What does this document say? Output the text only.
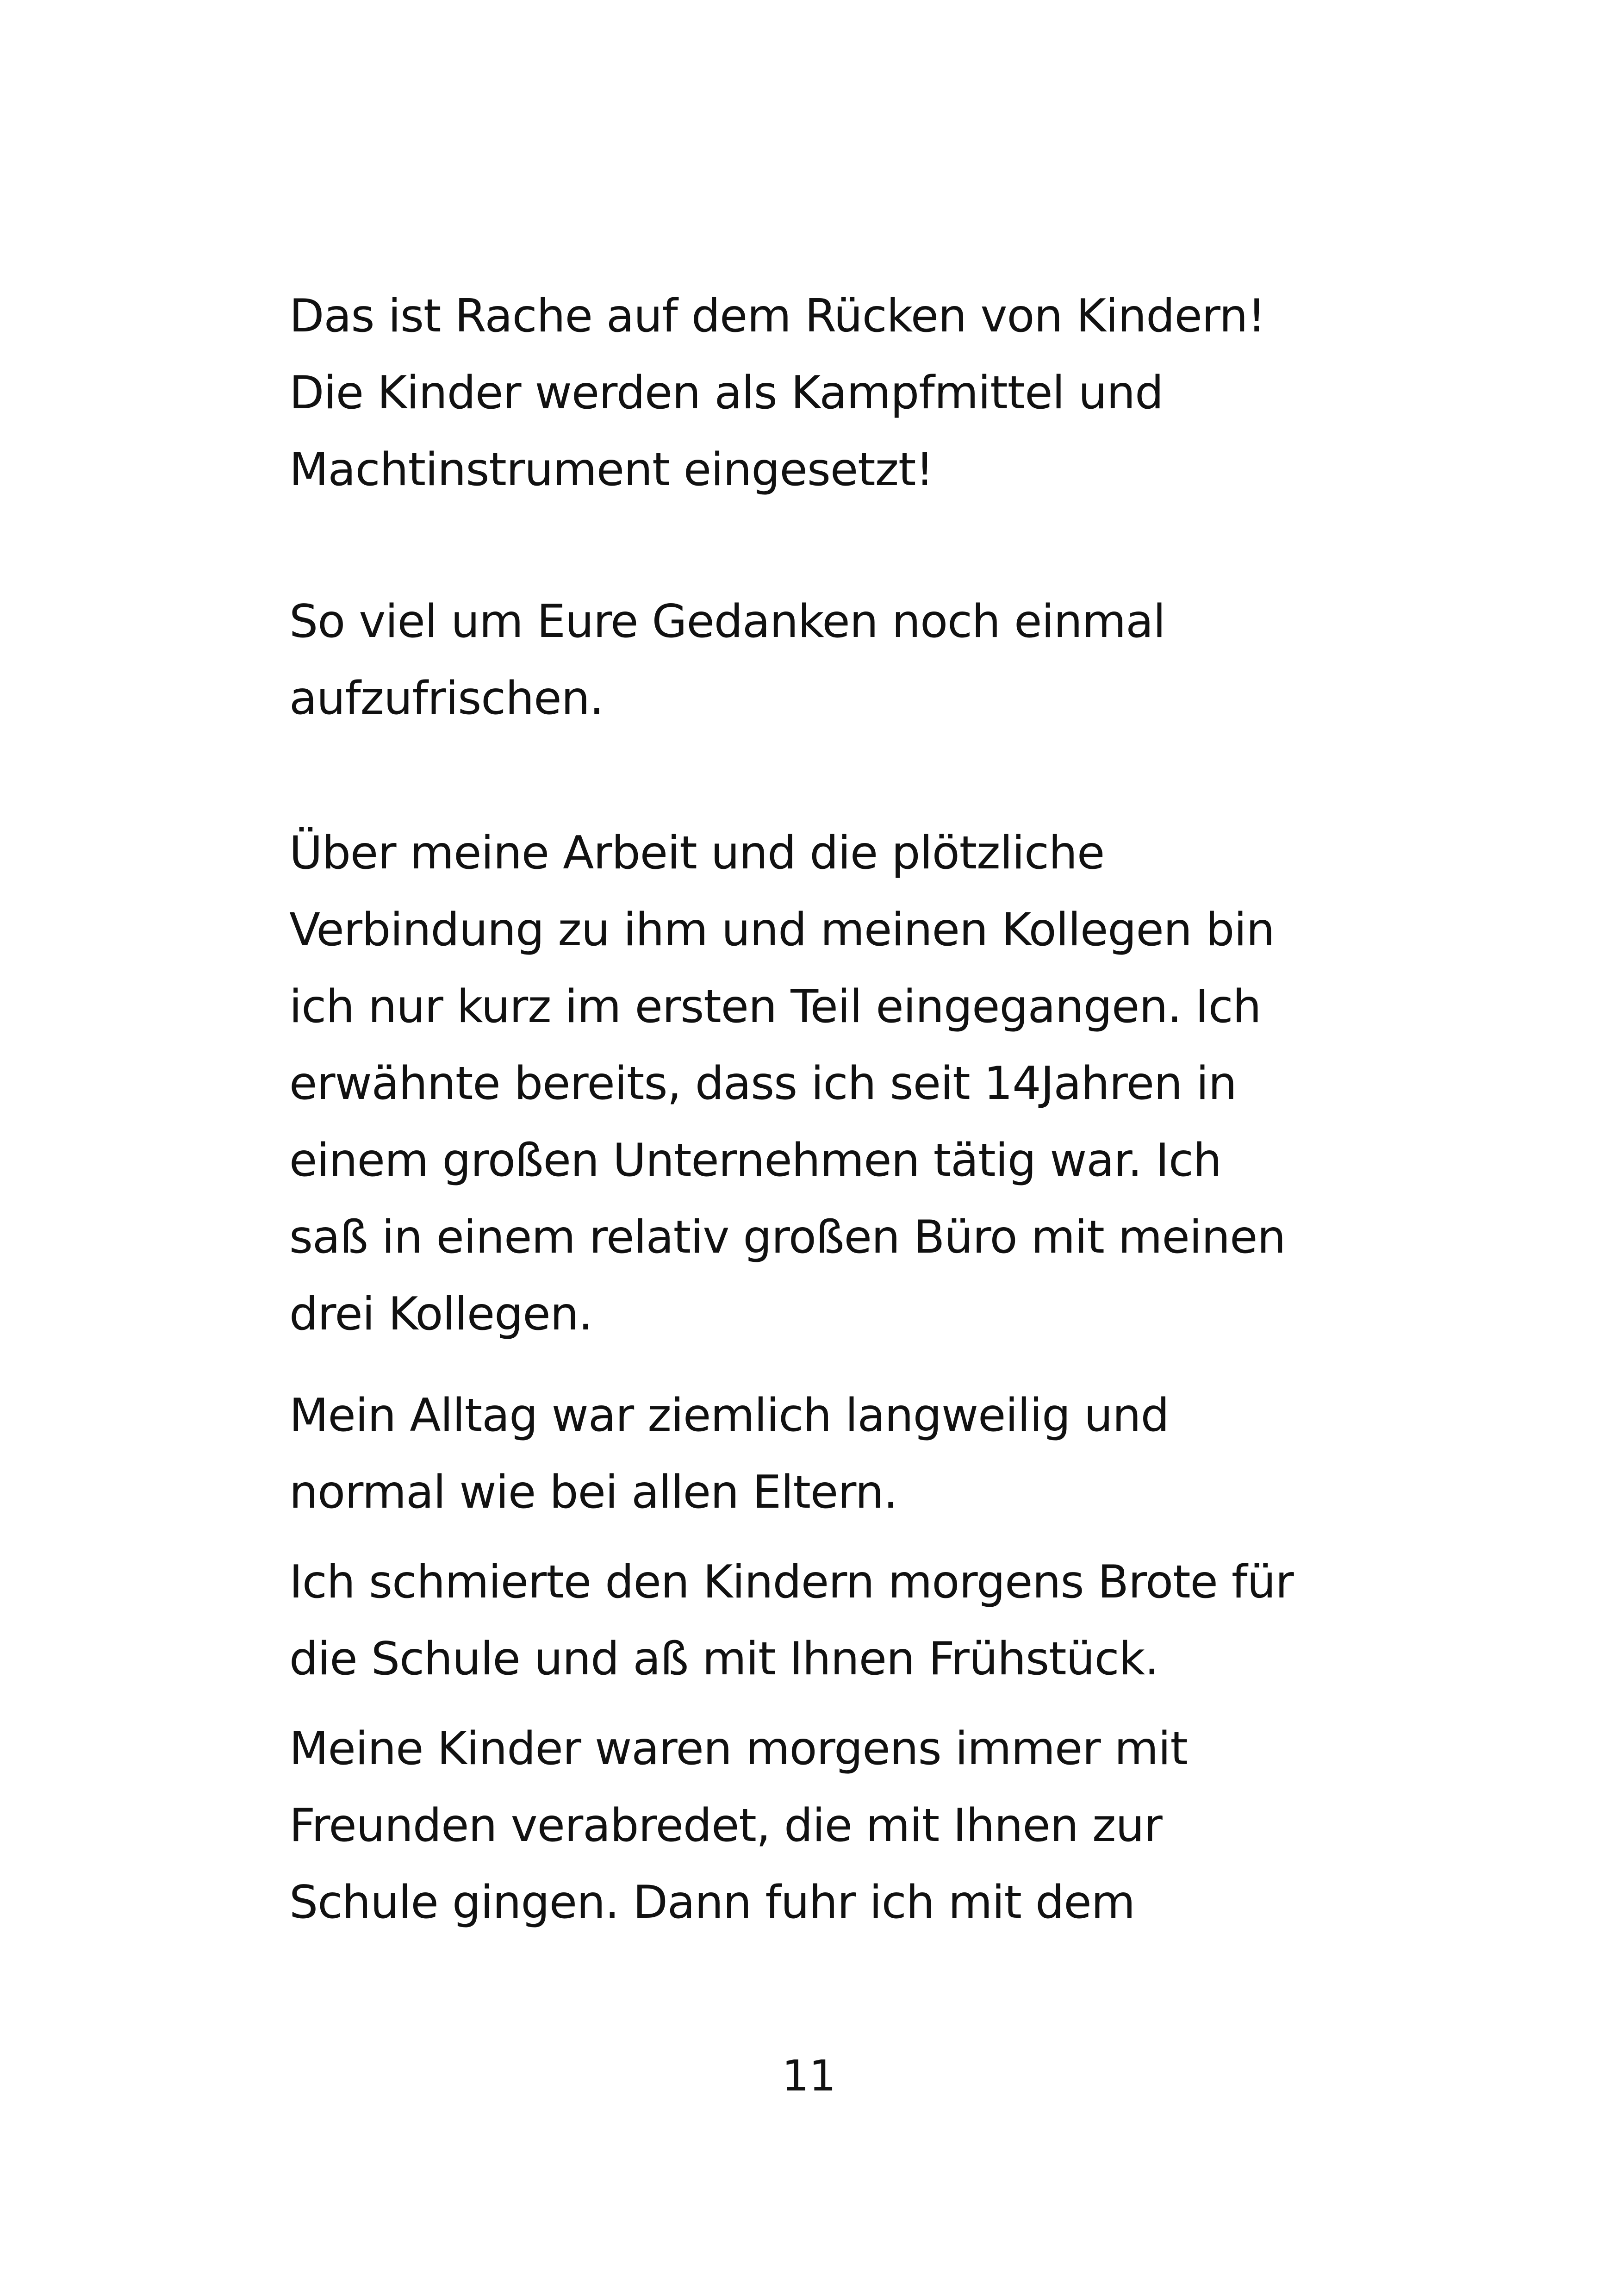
Das ist Rache auf dem Rücken von Kindern!
Die Kinder werden als Kampfmittel und
Machtinstrument eingesetzt!
So viel um Eure Gedanken noch einmal
aufzufrischen.
Über meine Arbeit und die plötzliche
Verbindung zu ihm und meinen Kollegen bin
ich nur kurz im ersten Teil eingegangen. Ich
erwähnte bereits, dass ich seit 14Jahren in
einem großen Unternehmen tätig war. Ich
saß in einem relativ großen Büro mit meinen
drei Kollegen.
Mein Alltag war ziemlich langweilig und
normal wie bei allen Eltern.
Ich schmierte den Kindern morgens Brote für
die Schule und aß mit Ihnen Frühstück.
Meine Kinder waren morgens immer mit
Freunden verabredet, die mit Ihnen zur
Schule gingen. Dann fuhr ich mit dem
11
